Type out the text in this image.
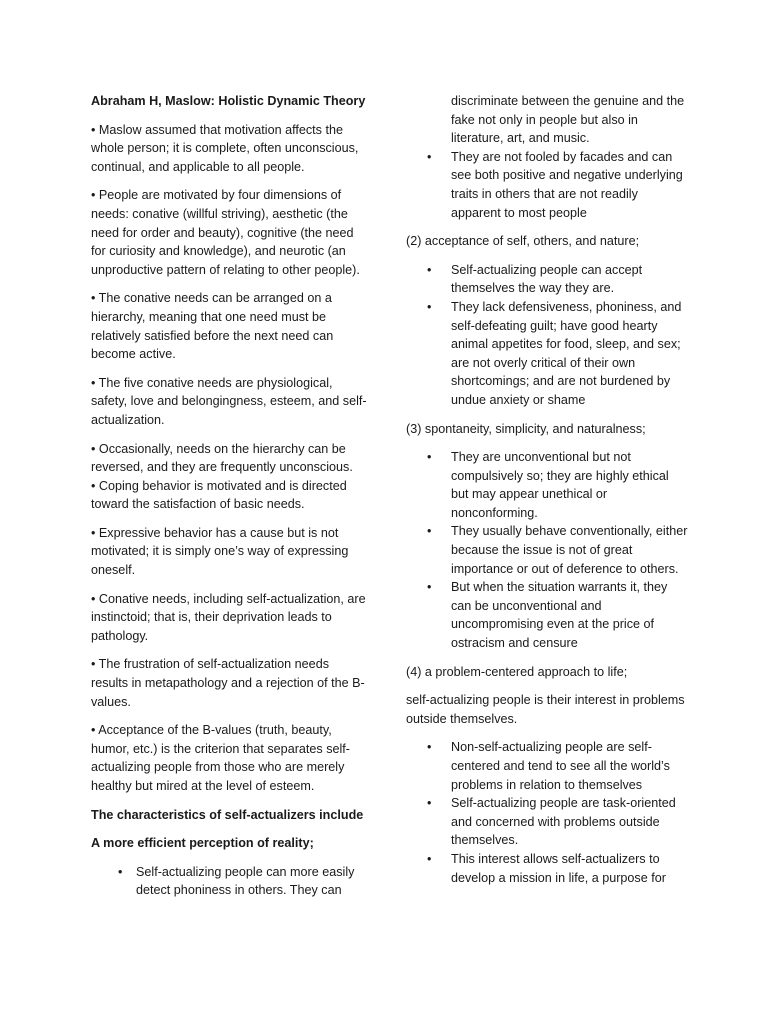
Abraham H, Maslow: Holistic Dynamic Theory

• Maslow assumed that motivation affects the whole person; it is complete, often unconscious, continual, and applicable to all people.

• People are motivated by four dimensions of needs: conative (willful striving), aesthetic (the need for order and beauty), cognitive (the need for curiosity and knowledge), and neurotic (an unproductive pattern of relating to other people).

• The conative needs can be arranged on a hierarchy, meaning that one need must be relatively satisfied before the next need can become active.

• The five conative needs are physiological, safety, love and belongingness, esteem, and self-actualization.

• Occasionally, needs on the hierarchy can be reversed, and they are frequently unconscious.

• Coping behavior is motivated and is directed toward the satisfaction of basic needs.

• Expressive behavior has a cause but is not motivated; it is simply one’s way of expressing oneself.

• Conative needs, including self-actualization, are instinctoid; that is, their deprivation leads to pathology.

• The frustration of self-actualization needs results in metapathology and a rejection of the B-values.

• Acceptance of the B-values (truth, beauty, humor, etc.) is the criterion that separates self-actualizing people from those who are merely healthy but mired at the level of esteem.

The characteristics of self-actualizers include

A more efficient perception of reality;

• Self-actualizing people can more easily detect phoniness in others. They can
discriminate between the genuine and the fake not only in people but also in literature, art, and music.
• They are not fooled by facades and can see both positive and negative underlying traits in others that are not readily apparent to most people

(2) acceptance of self, others, and nature;

• Self-actualizing people can accept themselves the way they are.
• They lack defensiveness, phoniness, and self-defeating guilt; have good hearty animal appetites for food, sleep, and sex; are not overly critical of their own shortcomings; and are not burdened by undue anxiety or shame

(3) spontaneity, simplicity, and naturalness;

• They are unconventional but not compulsively so; they are highly ethical but may appear unethical or nonconforming.
• They usually behave conventionally, either because the issue is not of great importance or out of deference to others.
• But when the situation warrants it, they can be unconventional and uncompromising even at the price of ostracism and censure

(4) a problem-centered approach to life;

self-actualizing people is their interest in problems outside themselves.

• Non-self-actualizing people are self-centered and tend to see all the world’s problems in relation to themselves
• Self-actualizing people are task-oriented and concerned with problems outside themselves.
• This interest allows self-actualizers to develop a mission in life, a purpose for
